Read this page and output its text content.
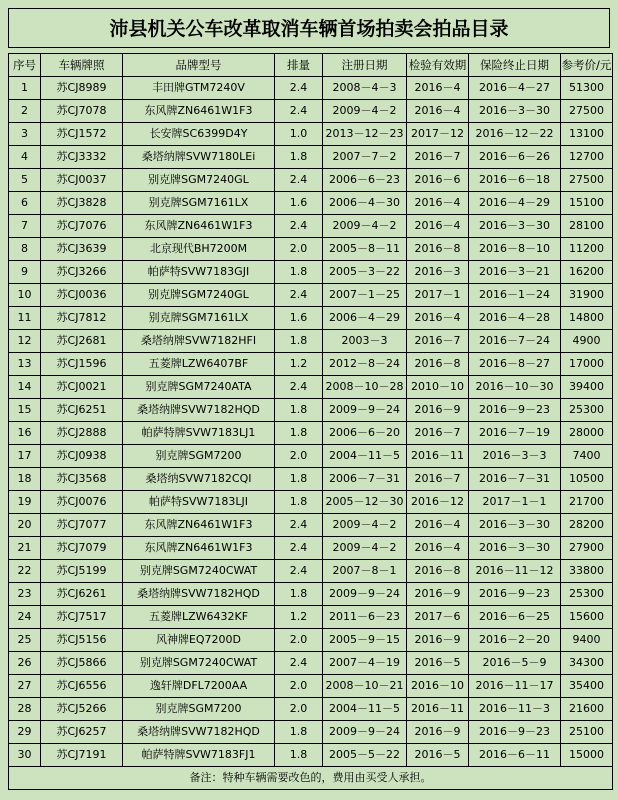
沛县机关公车改革取消车辆首场拍卖会拍品目录
序号	车辆牌照	品牌型号	排量	注册日期	检验有效期	保险终止日期	参考价/元
1	苏CJ8989	丰田牌GTM7240V	2.4	2008－4－3	2016－4	2016－4－27	51300
2	苏CJ7078	东风牌ZN6461W1F3	2.4	2009－4－2	2016－4	2016－3－30	27500
3	苏CJ1572	长安牌SC6399D4Y	1.0	2013－12－23	2017－12	2016－12－22	13100
4	苏CJ3332	桑塔纳牌SVW7180LEi	1.8	2007－7－2	2016－7	2016－6－26	12700
5	苏CJ0037	别克牌SGM7240GL	2.4	2006－6－23	2016－6	2016－6－18	27500
6	苏CJ3828	别克牌SGM7161LX	1.6	2006－4－30	2016－4	2016－4－29	15100
7	苏CJ7076	东风牌ZN6461W1F3	2.4	2009－4－2	2016－4	2016－3－30	28100
8	苏CJ3639	北京现代BH7200M	2.0	2005－8－11	2016－8	2016－8－10	11200
9	苏CJ3266	帕萨特SVW7183GJI	1.8	2005－3－22	2016－3	2016－3－21	16200
10	苏CJ0036	别克牌SGM7240GL	2.4	2007－1－25	2017－1	2016－1－24	31900
11	苏CJ7812	别克牌SGM7161LX	1.6	2006－4－29	2016－4	2016－4－28	14800
12	苏CJ2681	桑塔纳牌SVW7182HFI	1.8	2003－3	2016－7	2016－7－24	4900
13	苏CJ1596	五菱牌LZW6407BF	1.2	2012－8－24	2016－8	2016－8－27	17000
14	苏CJ0021	别克牌SGM7240ATA	2.4	2008－10－28	2010－10	2016－10－30	39400
15	苏CJ6251	桑塔纳牌SVW7182HQD	1.8	2009－9－24	2016－9	2016－9－23	25300
16	苏CJ2888	帕萨特牌SVW7183LJ1	1.8	2006－6－20	2016－7	2016－7－19	28000
17	苏CJ0938	别克牌SGM7200	2.0	2004－11－5	2016－11	2016－3－3	7400
18	苏CJ3568	桑塔纳SVW7182CQI	1.8	2006－7－31	2016－7	2016－7－31	10500
19	苏CJ0076	帕萨特SVW7183LJI	1.8	2005－12－30	2016－12	2017－1－1	21700
20	苏CJ7077	东风牌ZN6461W1F3	2.4	2009－4－2	2016－4	2016－3－30	28200
21	苏CJ7079	东风牌ZN6461W1F3	2.4	2009－4－2	2016－4	2016－3－30	27900
22	苏CJ5199	别克牌SGM7240CWAT	2.4	2007－8－1	2016－8	2016－11－12	33800
23	苏CJ6261	桑塔纳牌SVW7182HQD	1.8	2009－9－24	2016－9	2016－9－23	25300
24	苏CJ7517	五菱牌LZW6432KF	1.2	2011－6－23	2017－6	2016－6－25	15600
25	苏CJ5156	风神牌EQ7200D	2.0	2005－9－15	2016－9	2016－2－20	9400
26	苏CJ5866	别克牌SGM7240CWAT	2.4	2007－4－19	2016－5	2016－5－9	34300
27	苏CJ6556	逸轩牌DFL7200AA	2.0	2008－10－21	2016－10	2016－11－17	35400
28	苏CJ5266	别克牌SGM7200	2.0	2004－11－5	2016－11	2016－11－3	21600
29	苏CJ6257	桑塔纳牌SVW7182HQD	1.8	2009－9－24	2016－9	2016－9－23	25100
30	苏CJ7191	帕萨特牌SVW7183FJ1	1.8	2005－5－22	2016－5	2016－6－11	15000
备注：特种车辆需要改色的，费用由买受人承担。							
